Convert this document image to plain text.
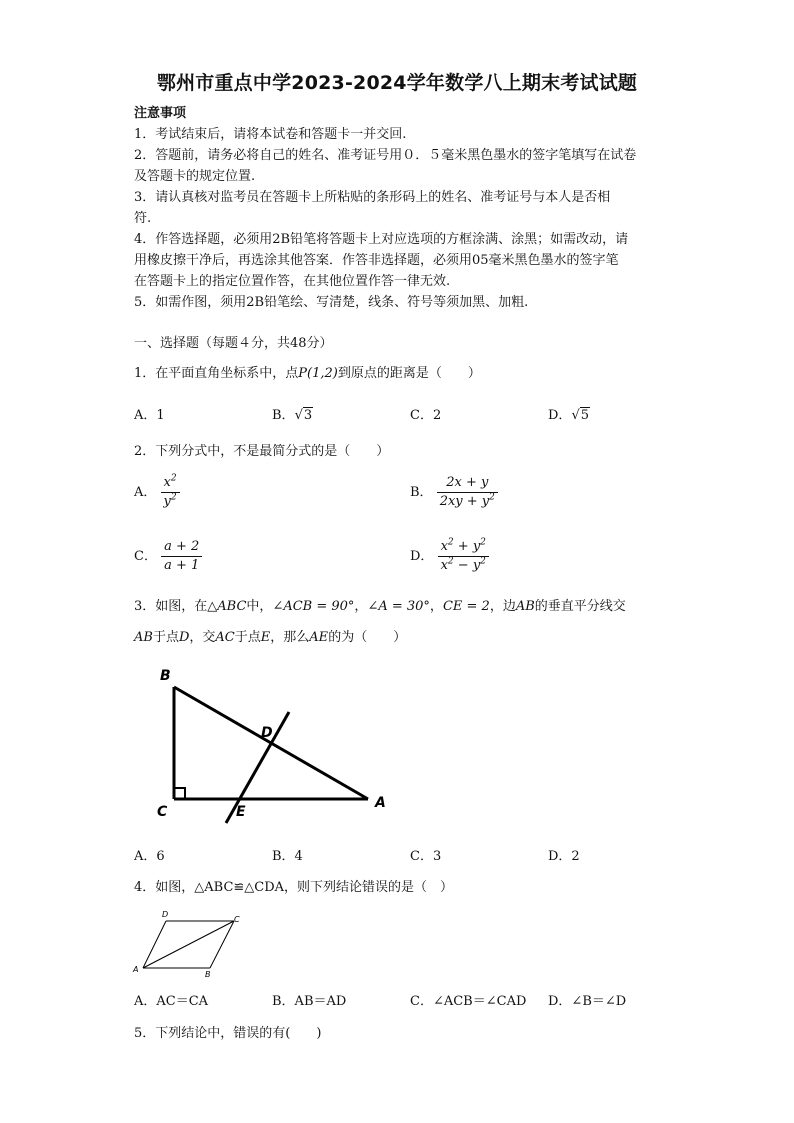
鄂州市重点中学2023-2024学年数学八上期末考试试题
注意事项
1．考试结束后，请将本试卷和答题卡一并交回.
2．答题前，请务必将自己的姓名、准考证号用０．５毫米黑色墨水的签字笔填写在试卷
及答题卡的规定位置.
3．请认真核对监考员在答题卡上所粘贴的条形码上的姓名、准考证号与本人是否相
符.
4．作答选择题，必须用2B铅笔将答题卡上对应选项的方框涂满、涂黑；如需改动，请
用橡皮擦干净后，再选涂其他答案．作答非选择题，必须用05毫米黑色墨水的签字笔
在答题卡上的指定位置作答，在其他位置作答一律无效.
5．如需作图，须用2B铅笔绘、写清楚，线条、符号等须加黑、加粗.
一、选择题（每题４分，共48分）
1．在平面直角坐标系中，点P(1,2)到原点的距离是（　　）
A．1	B．√3	C．2	D．√5
2．下列分式中，不是最简分式的是（　　）
A． $\frac{x^2}{y^2}$	B． $\frac{2x + y}{2xy + y^2}$
C． $\frac{a + 2}{a + 1}$	D． $\frac{x^2 + y^2}{x^2 - y^2}$
3．如图，在△ABC中，∠ACB = 90°，∠A = 30°，CE = 2，边AB的垂直平分线交
AB于点D，交AC于点E，那么AE的为（　　）
B
C
D
E
A
A．6	B．4	C．3	D．2
4．如图，△ABC≌△CDA，则下列结论错误的是（　）
D
C
A
B
A．AC＝CA	B．AB＝AD	C．∠ACB＝∠CAD D．∠B＝∠D
5．下列结论中，错误的有(　　)
